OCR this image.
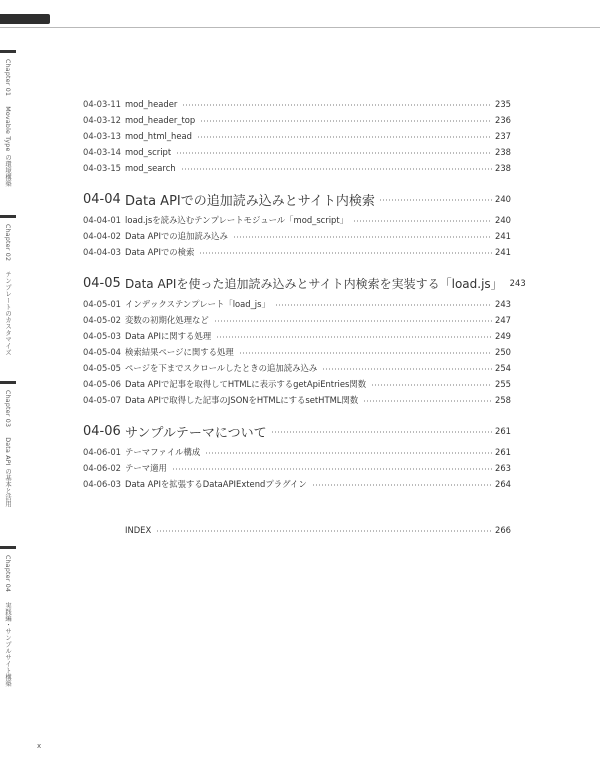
Chapter 01Movable Type の環境構築
Chapter 02テンプレートのカスタマイズ
Chapter 03Data API の基本と活用
Chapter 04実践編・サンプルサイト構築
04-03-11 mod_header	235
04-03-12 mod_header_top	236
04-03-13 mod_html_head	237
04-03-14 mod_script	238
04-03-15 mod_search	238
04-04 Data APIでの追加読み込みとサイト内検索	240
04-04-01 load.jsを読み込むテンプレートモジュール「mod_script」	240
04-04-02 Data APIでの追加読み込み	241
04-04-03 Data APIでの検索	241
04-05 Data APIを使った追加読み込みとサイト内検索を実装する「load.js」 243
04-05-01 インデックステンプレート「load_js」	243
04-05-02 変数の初期化処理など	247
04-05-03 Data APIに関する処理	249
04-05-04 検索結果ページに関する処理	250
04-05-05 ページを下までスクロールしたときの追加読み込み	254
04-05-06 Data APIで記事を取得してHTMLに表示するgetApiEntries関数	255
04-05-07 Data APIで取得した記事のJSONをHTMLにするsetHTML関数	258
04-06 サンプルテーマについて	261
04-06-01 テーマファイル構成	261
04-06-02 テーマ適用	263
04-06-03 Data APIを拡張するDataAPIExtendプラグイン	264
INDEX	266
x
